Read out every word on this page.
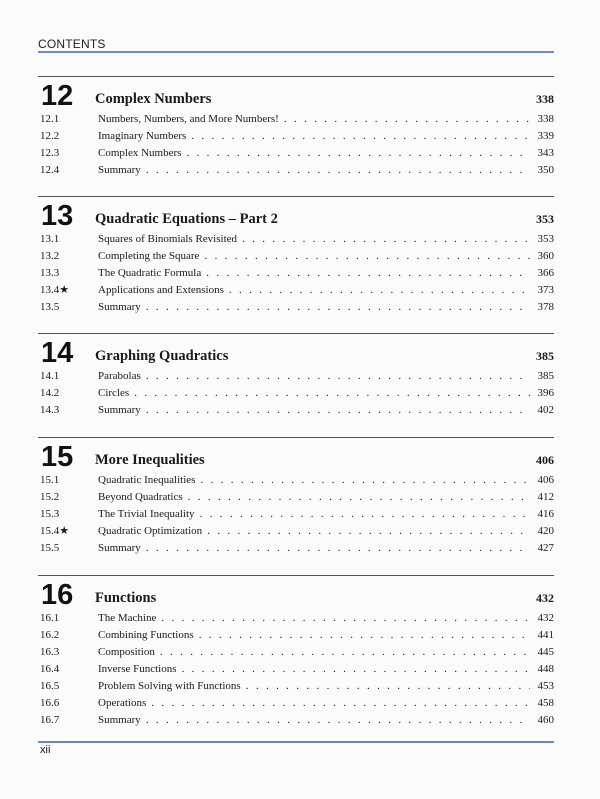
CONTENTS
12 Complex Numbers	338
12.1	Numbers, Numbers, and More Numbers! . . .	338
12.2	Imaginary Numbers . . .	339
12.3	Complex Numbers . . .	343
12.4	Summary . . .	350
13 Quadratic Equations – Part 2	353
13.1	Squares of Binomials Revisited . . .	353
13.2	Completing the Square . . .	360
13.3	The Quadratic Formula . . .	366
13.4★	Applications and Extensions . . .	373
13.5	Summary . . .	378
14 Graphing Quadratics	385
14.1	Parabolas . . .	385
14.2	Circles . . .	396
14.3	Summary . . .	402
15 More Inequalities	406
15.1	Quadratic Inequalities . . .	406
15.2	Beyond Quadratics . . .	412
15.3	The Trivial Inequality . . .	416
15.4★	Quadratic Optimization . . .	420
15.5	Summary . . .	427
16 Functions	432
16.1	The Machine . . .	432
16.2	Combining Functions . . .	441
16.3	Composition . . .	445
16.4	Inverse Functions . . .	448
16.5	Problem Solving with Functions . . .	453
16.6	Operations . . .	458
16.7	Summary . . .	460
xii
